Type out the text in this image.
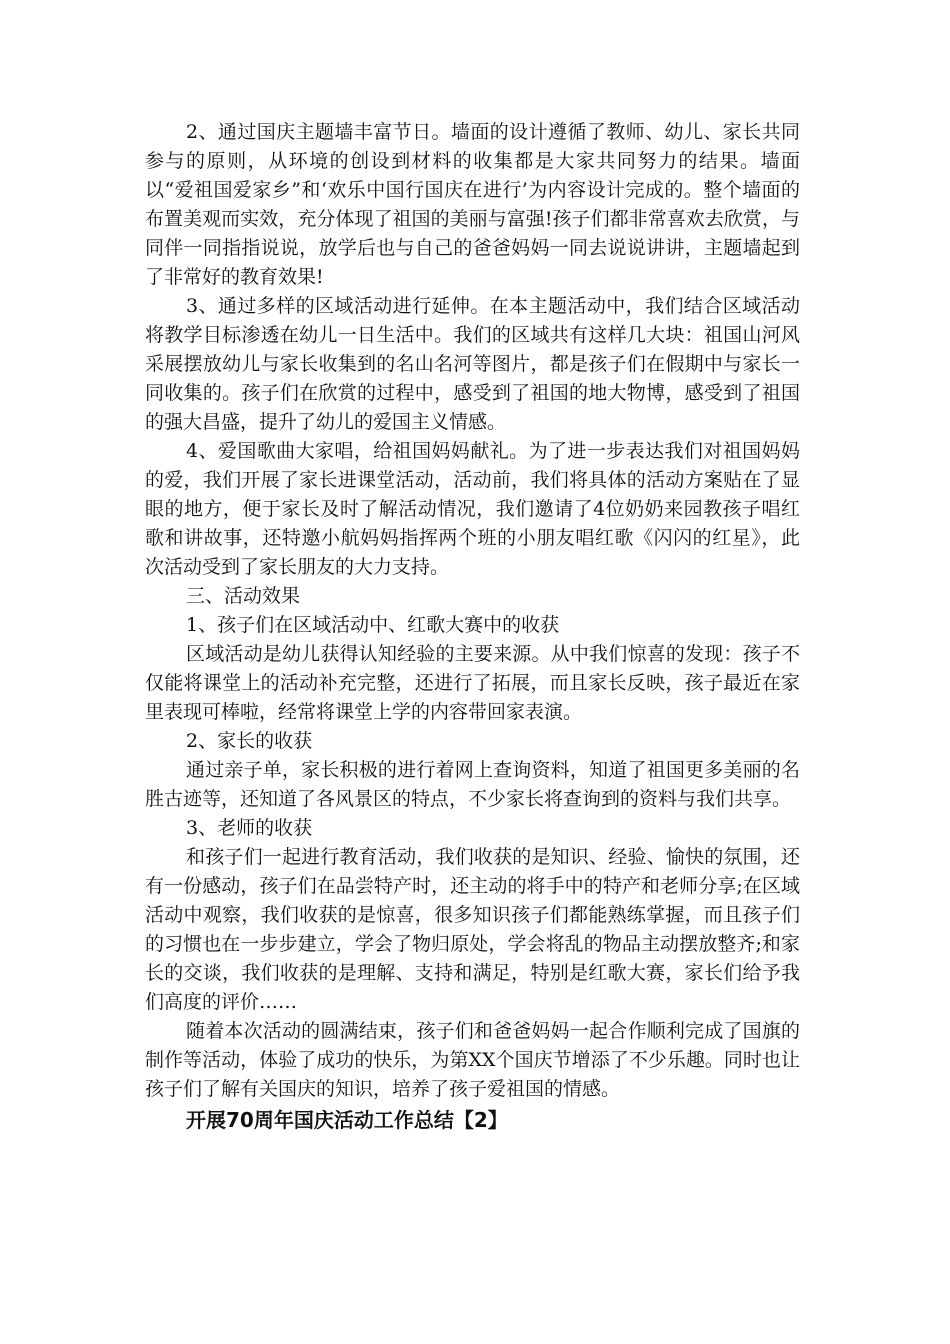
2、通过国庆主题墙丰富节日。墙面的设计遵循了教师、幼儿、家长共同参与的原则，从环境的创设到材料的收集都是大家共同努力的结果。墙面以“爱祖国爱家乡”和‘欢乐中国行国庆在进行’为内容设计完成的。整个墙面的布置美观而实效，充分体现了祖国的美丽与富强!孩子们都非常喜欢去欣赏，与同伴一同指指说说，放学后也与自己的爸爸妈妈一同去说说讲讲，主题墙起到了非常好的教育效果!

3、通过多样的区域活动进行延伸。在本主题活动中，我们结合区域活动将教学目标渗透在幼儿一日生活中。我们的区域共有这样几大块：祖国山河风采展摆放幼儿与家长收集到的名山名河等图片，都是孩子们在假期中与家长一同收集的。孩子们在欣赏的过程中，感受到了祖国的地大物博，感受到了祖国的强大昌盛，提升了幼儿的爱国主义情感。

4、爱国歌曲大家唱，给祖国妈妈献礼。为了进一步表达我们对祖国妈妈的爱，我们开展了家长进课堂活动，活动前，我们将具体的活动方案贴在了显眼的地方，便于家长及时了解活动情况，我们邀请了4位奶奶来园教孩子唱红歌和讲故事，还特邀小航妈妈指挥两个班的小朋友唱红歌《闪闪的红星》，此次活动受到了家长朋友的大力支持。

三、活动效果

1、孩子们在区域活动中、红歌大赛中的收获

区域活动是幼儿获得认知经验的主要来源。从中我们惊喜的发现：孩子不仅能将课堂上的活动补充完整，还进行了拓展，而且家长反映，孩子最近在家里表现可棒啦，经常将课堂上学的内容带回家表演。

2、家长的收获

通过亲子单，家长积极的进行着网上查询资料，知道了祖国更多美丽的名胜古迹等，还知道了各风景区的特点，不少家长将查询到的资料与我们共享。

3、老师的收获

和孩子们一起进行教育活动，我们收获的是知识、经验、愉快的氛围，还有一份感动，孩子们在品尝特产时，还主动的将手中的特产和老师分享;在区域活动中观察，我们收获的是惊喜，很多知识孩子们都能熟练掌握，而且孩子们的习惯也在一步步建立，学会了物归原处，学会将乱的物品主动摆放整齐;和家长的交谈，我们收获的是理解、支持和满足，特别是红歌大赛，家长们给予我们高度的评价……

随着本次活动的圆满结束，孩子们和爸爸妈妈一起合作顺利完成了国旗的制作等活动，体验了成功的快乐，为第XX个国庆节增添了不少乐趣。同时也让孩子们了解有关国庆的知识，培养了孩子爱祖国的情感。

开展70周年国庆活动工作总结【2】
